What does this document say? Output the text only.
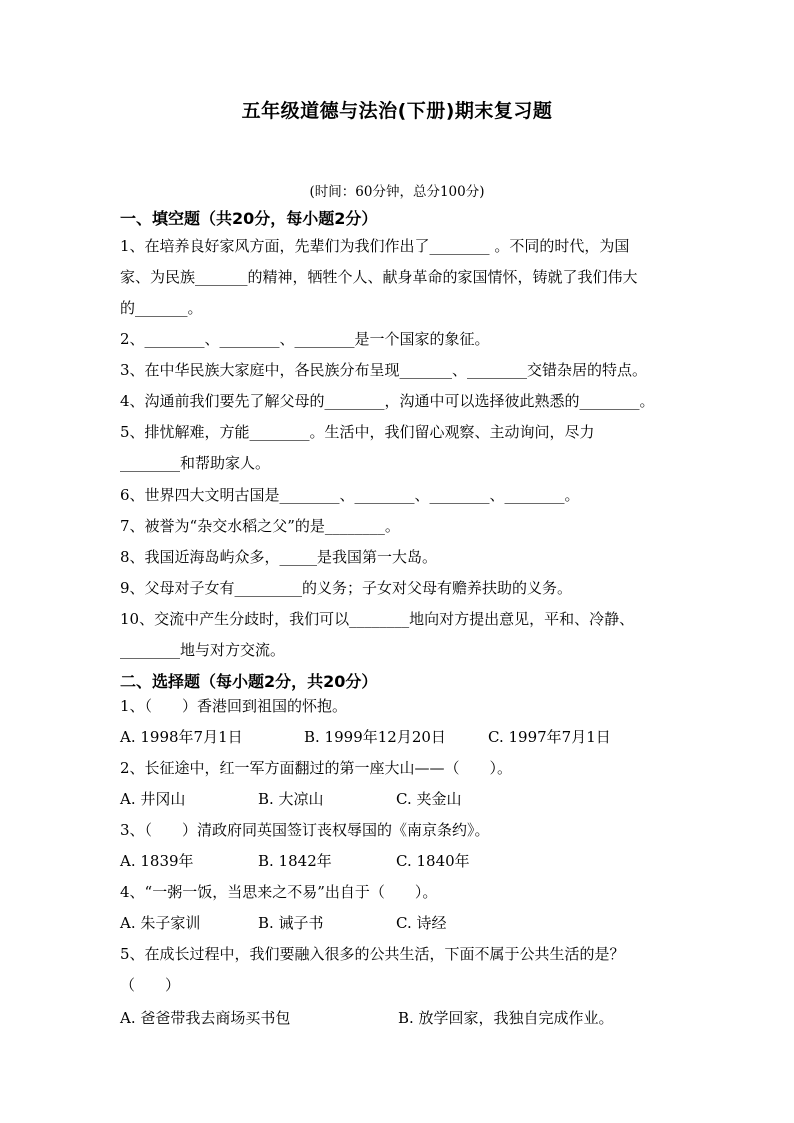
五年级道德与法治(下册)期末复习题
(时间：60分钟，总分100分)
一、填空题（共20分，每小题2分）
1、在培养良好家风方面，先辈们为我们作出了________ 。不同的时代，为国
家、为民族_______的精神，牺牲个人、献身革命的家国情怀，铸就了我们伟大
的_______。
2、________、________、________是一个国家的象征。
3、在中华民族大家庭中，各民族分布呈现_______、________交错杂居的特点。
4、沟通前我们要先了解父母的________，沟通中可以选择彼此熟悉的________。
5、排忧解难，方能________。生活中，我们留心观察、主动询问，尽力
________和帮助家人。
6、世界四大文明古国是________、________、________、________。
7、被誉为“杂交水稻之父”的是________。
8、我国近海岛屿众多，_____是我国第一大岛。
9、父母对子女有_________的义务；子女对父母有赡养扶助的义务。
10、交流中产生分歧时，我们可以________地向对方提出意见，平和、冷静、
________地与对方交流。
二、选择题（每小题2分，共20分）
1、（　　）香港回到祖国的怀抱。
A. 1998年7月1日	B. 1999年12月20日	C. 1997年7月1日
2、长征途中，红一军方面翻过的第一座大山——（　　）。
A. 井冈山	B. 大凉山	C. 夹金山
3、（　　）清政府同英国签订丧权辱国的《南京条约》。
A. 1839年	B. 1842年	C. 1840年
4、“一粥一饭，当思来之不易”出自于（　　）。
A. 朱子家训	B. 诫子书	C. 诗经
5、在成长过程中，我们要融入很多的公共生活，下面不属于公共生活的是？
（　　）
A. 爸爸带我去商场买书包	B. 放学回家，我独自完成作业。
